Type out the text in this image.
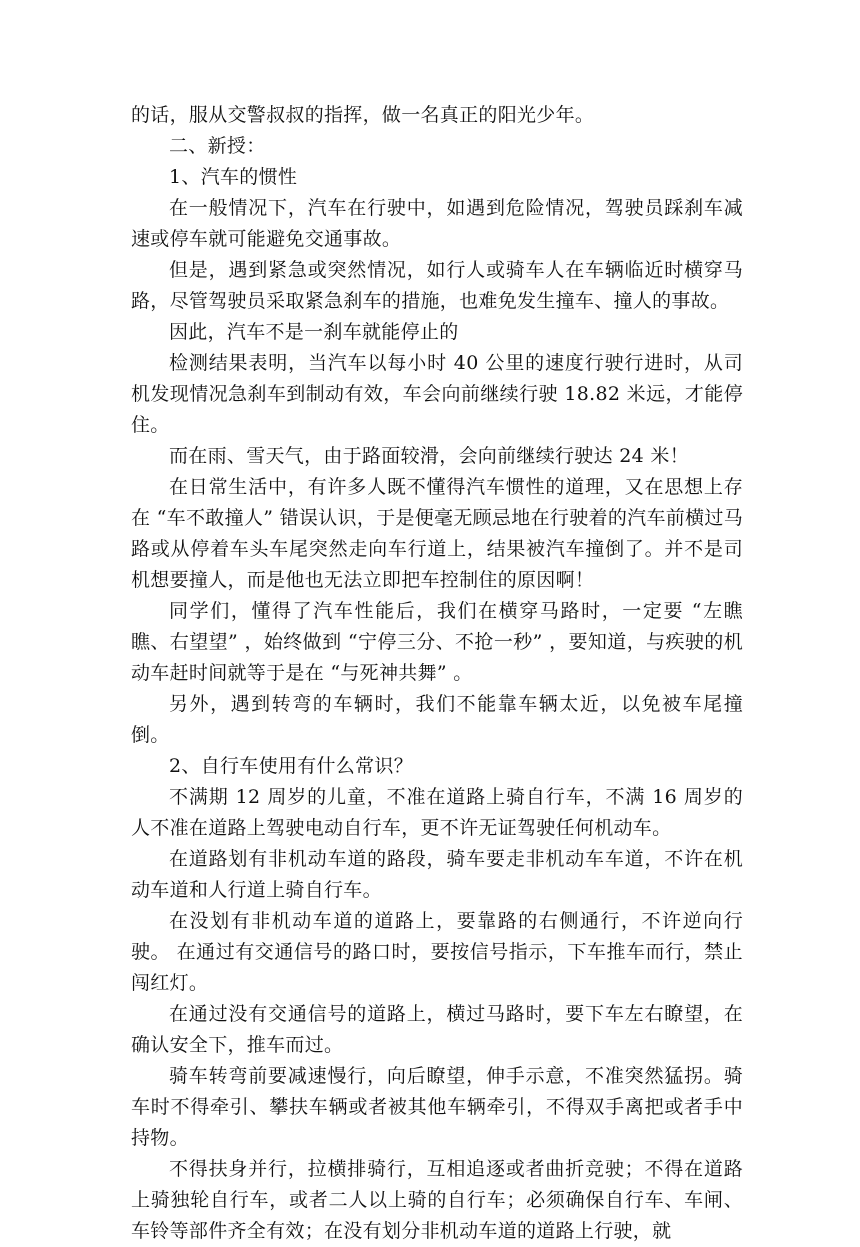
的话，服从交警叔叔的指挥，做一名真正的阳光少年。

二、新授：

1、汽车的惯性

在一般情况下，汽车在行驶中，如遇到危险情况，驾驶员踩刹车减速或停车就可能避免交通事故。

但是，遇到紧急或突然情况，如行人或骑车人在车辆临近时横穿马路，尽管驾驶员采取紧急刹车的措施，也难免发生撞车、撞人的事故。

因此，汽车不是一刹车就能停止的

检测结果表明，当汽车以每小时 40 公里的速度行驶行进时，从司机发现情况急刹车到制动有效，车会向前继续行驶 18.82 米远，才能停住。

而在雨、雪天气，由于路面较滑，会向前继续行驶达 24 米！

在日常生活中，有许多人既不懂得汽车惯性的道理，又在思想上存在 “车不敢撞人” 错误认识，于是便毫无顾忌地在行驶着的汽车前横过马路或从停着车头车尾突然走向车行道上，结果被汽车撞倒了。并不是司机想要撞人，而是他也无法立即把车控制住的原因啊！

同学们，懂得了汽车性能后，我们在横穿马路时，一定要 “左瞧瞧、右望望” ，始终做到 “宁停三分、不抢一秒” ，要知道，与疾驶的机动车赶时间就等于是在 “与死神共舞” 。

另外，遇到转弯的车辆时，我们不能靠车辆太近，以免被车尾撞倒。

2、自行车使用有什么常识？

不满期 12 周岁的儿童，不准在道路上骑自行车，不满 16 周岁的人不准在道路上驾驶电动自行车，更不许无证驾驶任何机动车。

在道路划有非机动车道的路段，骑车要走非机动车车道，不许在机动车道和人行道上骑自行车。

在没划有非机动车道的道路上，要靠路的右侧通行，不许逆向行驶。 在通过有交通信号的路口时，要按信号指示，下车推车而行，禁止闯红灯。

在通过没有交通信号的道路上，横过马路时，要下车左右瞭望，在确认安全下，推车而过。

骑车转弯前要减速慢行，向后瞭望，伸手示意，不准突然猛拐。骑车时不得牵引、攀扶车辆或者被其他车辆牵引，不得双手离把或者手中持物。

不得扶身并行，拉横排骑行，互相追逐或者曲折竞驶；不得在道路上骑独轮自行车，或者二人以上骑的自行车；必须确保自行车、车闸、车铃等部件齐全有效；在没有划分非机动车道的道路上行驶，就
